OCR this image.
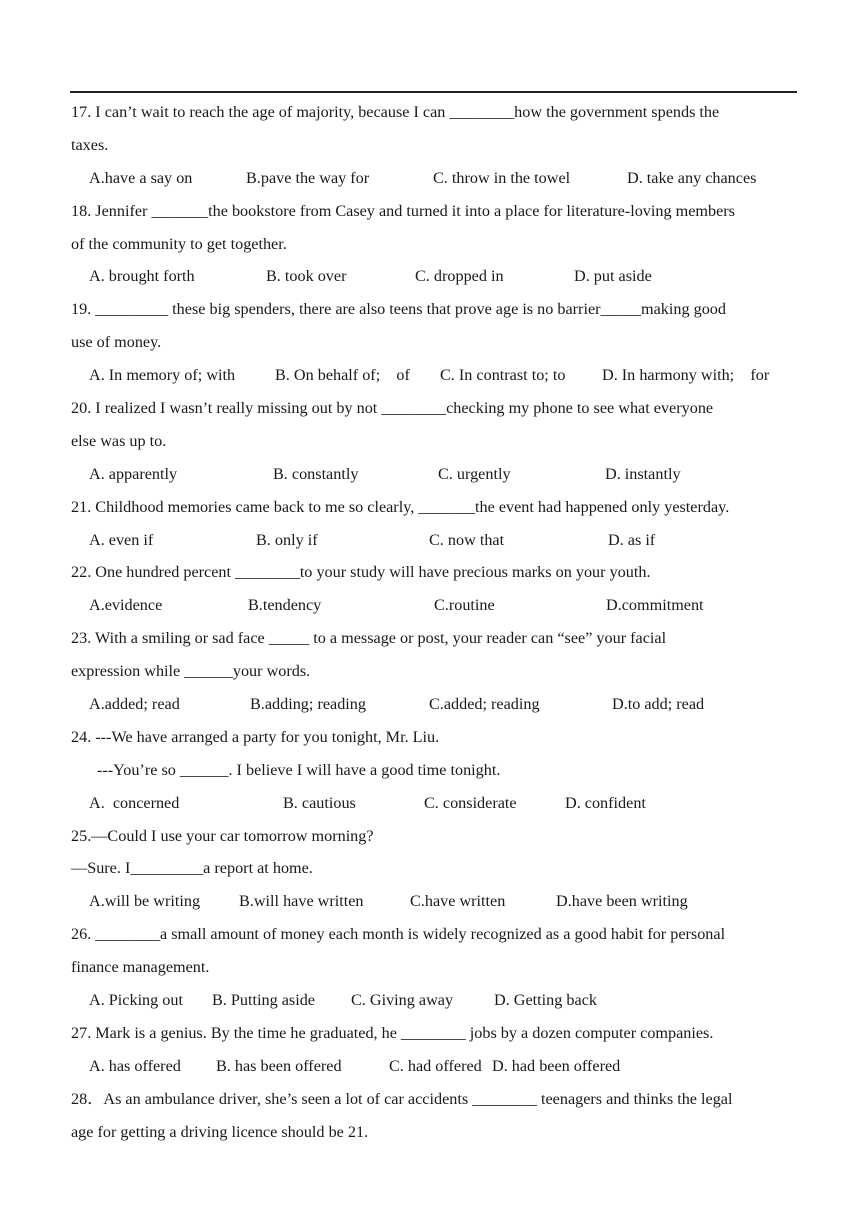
17. I can’t wait to reach the age of majority, because I can ________how the government spends the
taxes.
A.have a say on	B.pave the way for	C. throw in the towel	D. take any chances
18. Jennifer _______the bookstore from Casey and turned it into a place for literature-loving members
of the community to get together.
A. brought forth	B. took over	C. dropped in	D. put aside
19. _________ these big spenders, there are also teens that prove age is no barrier_____making good
use of money.
A. In memory of; with B. On behalf of;    of C. In contrast to; to D. In harmony with;    for
20. I realized I wasn’t really missing out by not ________checking my phone to see what everyone
else was up to.
A. apparently	B. constantly	C. urgently	D. instantly
21. Childhood memories came back to me so clearly, _______the event had happened only yesterday.
A. even if	B. only if	C. now that	D. as if
22. One hundred percent ________to your study will have precious marks on your youth.
A.evidence	B.tendency	C.routine	D.commitment
23. With a smiling or sad face _____ to a message or post, your reader can “see” your facial
expression while ______your words.
A.added; read	B.adding; reading	C.added; reading	D.to add; read
24. ---We have arranged a party for you tonight, Mr. Liu.
---You’re so ______. I believe I will have a good time tonight.
A.  concerned	B. cautious	C. considerate	D. confident
25.—Could I use your car tomorrow morning?
—Sure. I_________a report at home.
A.will be writing B.will have written	C.have written	D.have been writing
26. ________a small amount of money each month is widely recognized as a good habit for personal
finance management.
A. Picking out B. Putting aside C. Giving away	D. Getting back
27. Mark is a genius. By the time he graduated, he ________ jobs by a dozen computer companies.
A. has offered B. has been offered	C. had offered D. had been offered
28．As an ambulance driver, she’s seen a lot of car accidents ________ teenagers and thinks the legal
age for getting a driving licence should be 21.
